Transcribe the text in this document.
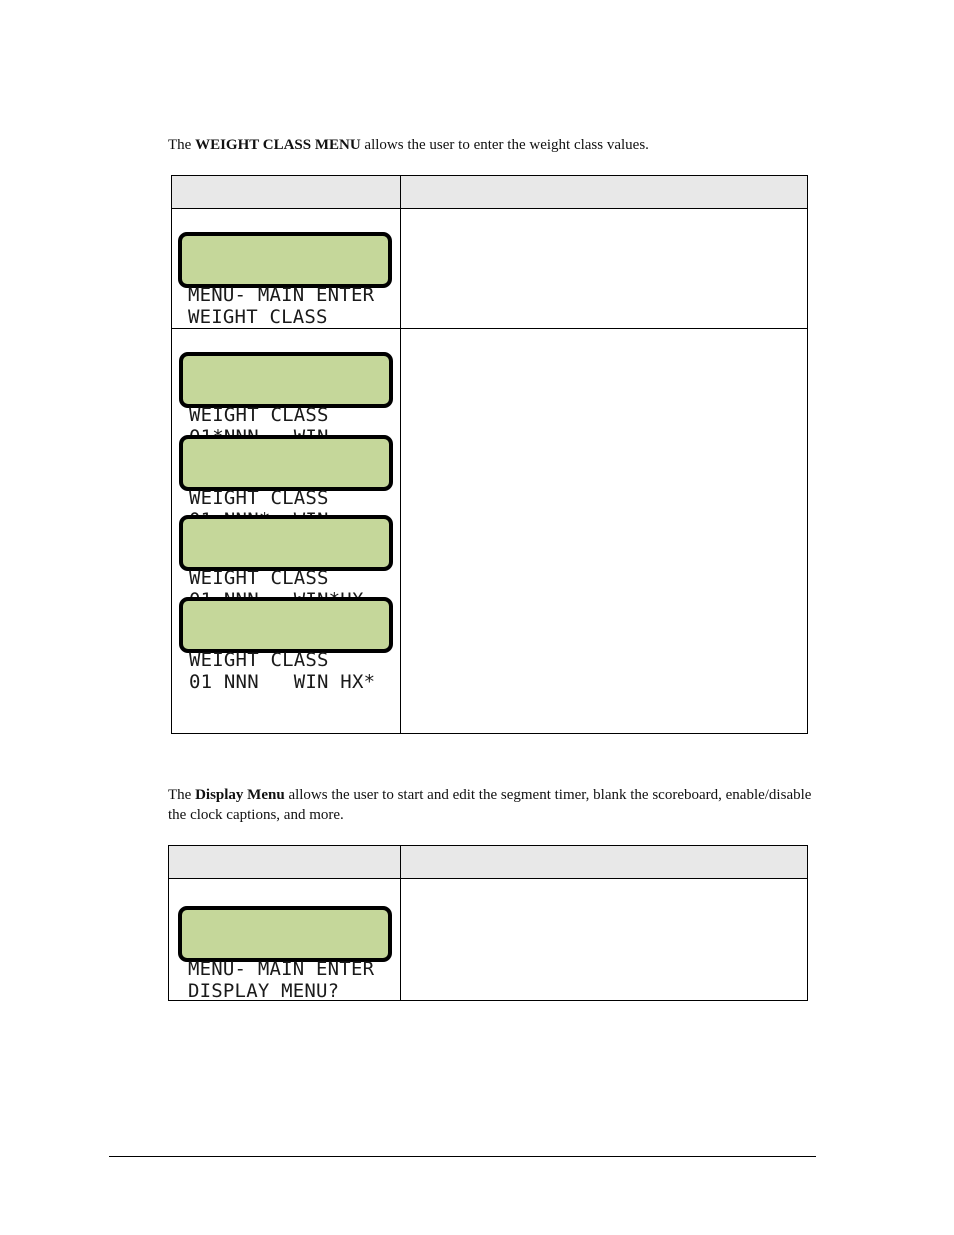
The WEIGHT CLASS MENU allows the user to enter the weight class values.

MENU- MAIN ENTER
WEIGHT CLASS

WEIGHT CLASS

WEIGHT CLASS

WEIGHT CLASS

WEIGHT CLASS
01 NNN   WIN HX*

The Display Menu allows the user to start and edit the segment timer, blank the scoreboard, enable/disable the clock captions, and more.

MENU- MAIN ENTER
DISPLAY MENU?
